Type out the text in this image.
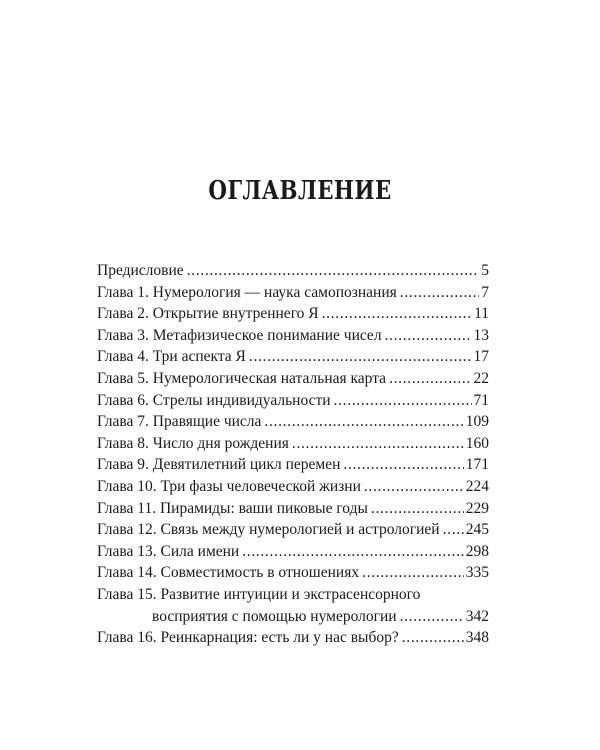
ОГЛАВЛЕНИЕ
Предисловие . . .	5
Глава 1. Нумерология — наука самопознания . . .	7
Глава 2. Открытие внутреннего Я . . .	11
Глава 3. Метафизическое понимание чисел . . .	13
Глава 4. Три аспекта Я . . .	17
Глава 5. Нумерологическая натальная карта . . .	22
Глава 6. Стрелы индивидуальности . . .	71
Глава 7. Правящие числа . . .	109
Глава 8. Число дня рождения . . .	160
Глава 9. Девятилетний цикл перемен . . .	171
Глава 10. Три фазы человеческой жизни . . .	224
Глава 11. Пирамиды: ваши пиковые годы . . .	229
Глава 12. Связь между нумерологией и астрологией . . . 245
Глава 13. Сила имени . . .	298
Глава 14. Совместимость в отношениях . . .	335
Глава 15. Развитие интуиции и экстрасенсорного
восприятия с помощью нумерологии . . .	342
Глава 16. Реинкарнация: есть ли у нас выбор? . . .	348
